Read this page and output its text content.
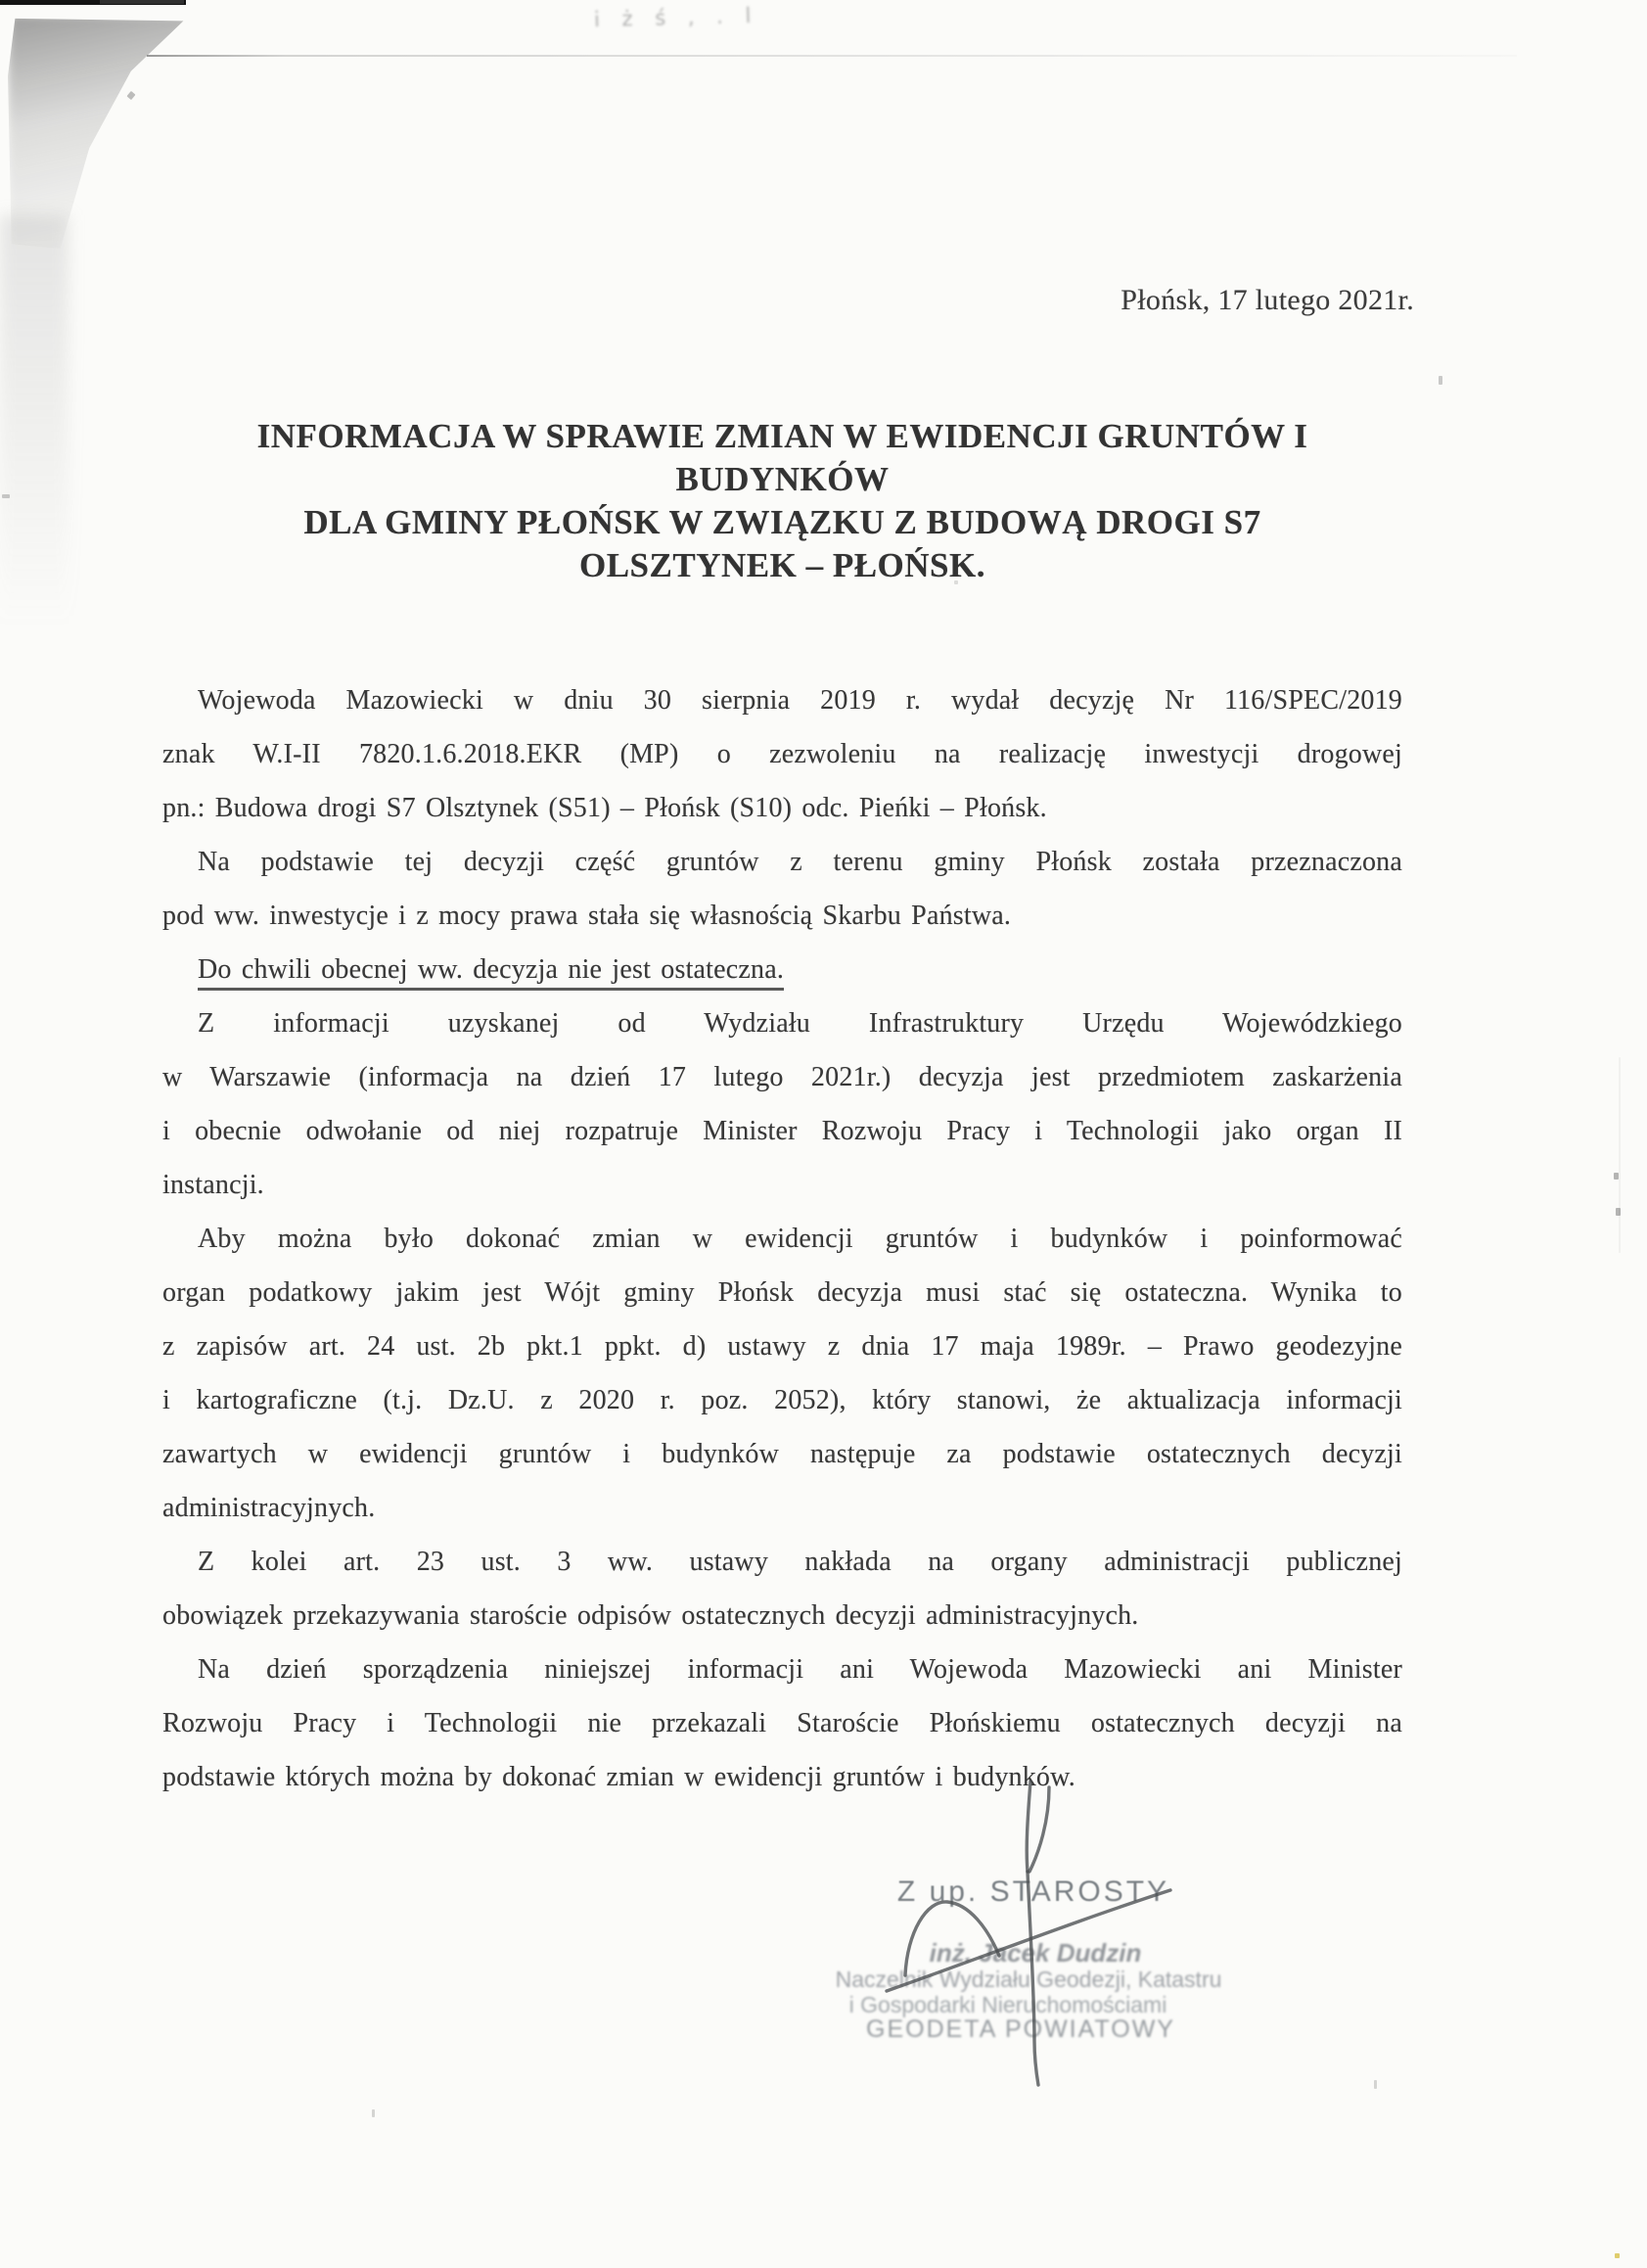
i ż ś , . l
Płońsk, 17 lutego 2021r.
INFORMACJA W SPRAWIE ZMIAN W EWIDENCJI GRUNTÓW I BUDYNKÓW
DLA GMINY PŁOŃSK W ZWIĄZKU Z BUDOWĄ DROGI S7
OLSZTYNEK – PŁOŃSK.
Wojewoda Mazowiecki w dniu 30 sierpnia 2019 r. wydał decyzję Nr 116/SPEC/2019
znak W.I-II 7820.1.6.2018.EKR (MP) o zezwoleniu na realizację inwestycji drogowej
pn.: Budowa drogi S7 Olsztynek (S51) – Płońsk (S10) odc. Pieńki – Płońsk.
Na podstawie tej decyzji część gruntów z terenu gminy Płońsk została przeznaczona
pod ww. inwestycje i z mocy prawa stała się własnością Skarbu Państwa.
Do chwili obecnej ww. decyzja nie jest ostateczna.
Z informacji uzyskanej od Wydziału Infrastruktury Urzędu Wojewódzkiego
w Warszawie (informacja na dzień 17 lutego 2021r.) decyzja jest przedmiotem zaskarżenia
i obecnie odwołanie od niej rozpatruje Minister Rozwoju Pracy i Technologii jako organ II
instancji.
Aby można było dokonać zmian w ewidencji gruntów i budynków i poinformować
organ podatkowy jakim jest Wójt gminy Płońsk decyzja musi stać się ostateczna. Wynika to
z zapisów art. 24 ust. 2b pkt.1 ppkt. d) ustawy z dnia 17 maja 1989r. – Prawo geodezyjne
i kartograficzne (t.j. Dz.U. z 2020 r. poz. 2052), który stanowi, że aktualizacja informacji
zawartych w ewidencji gruntów i budynków następuje za podstawie ostatecznych decyzji
administracyjnych.
Z kolei art. 23 ust. 3 ww. ustawy nakłada na organy administracji publicznej
obowiązek przekazywania staroście odpisów ostatecznych decyzji administracyjnych.
Na dzień sporządzenia niniejszej informacji ani Wojewoda Mazowiecki ani Minister
Rozwoju Pracy i Technologii nie przekazali Staroście Płońskiemu ostatecznych decyzji na
podstawie których można by dokonać zmian w ewidencji gruntów i budynków.
Z up. STAROSTY
inż. Jacek Dudzin
Naczelnik Wydziału Geodezji, Katastru
i Gospodarki Nieruchomościami
GEODETA POWIATOWY
